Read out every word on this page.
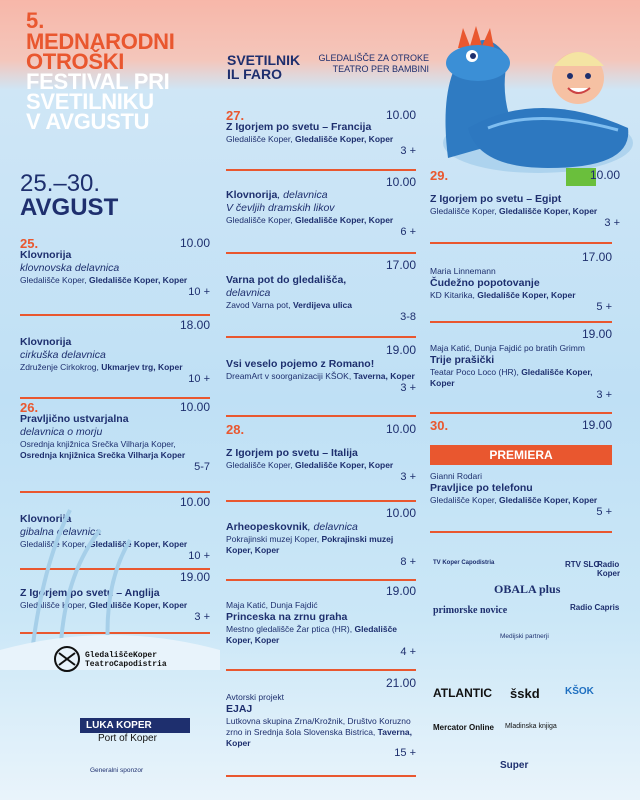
5.
MEDNARODNI
OTROŠKI
FESTIVAL PRI
SVETILNIKU
V AVGUSTU
SVETILNIK
IL FARO
GLEDALIŠČE ZA OTROKE
TEATRO PER BAMBINI
25.–30.
AVGUST
25.	10.00
Klovnorija
klovnovska delavnica
Gledališče Koper, Gledališče Koper, Koper
10 +
18.00
Klovnorija
cirkuška delavnica
Združenje Cirkokrog, Ukmarjev trg, Koper
10 +
26.	10.00
Pravljično ustvarjalna
delavnica o morju
Osrednja knjižnica Srečka Vilharja Koper,
Osrednja knjižnica Srečka Vilharja Koper
5-7
10.00
Klovnorija
gibalna delavnica
Gledališče Koper, Gledališče Koper, Koper
10 +
19.00
Z Igorjem po svetu – Anglija
Gledališče Koper, Gledališče Koper, Koper
3 +
GledališčeKoper
TeatroCapodistria
LUKA KOPER
Port of Koper
Generalni sponzor
27.	10.00
Z Igorjem po svetu – Francija
Gledališče Koper, Gledališče Koper, Koper
3 +
10.00
Klovnorija, delavnica
V čevljih dramskih likov
Gledališče Koper, Gledališče Koper, Koper
6 +
17.00
Varna pot do gledališča,
delavnica
Zavod Varna pot, Verdijeva ulica
3-8
19.00
Vsi veselo pojemo z Romano!
DreamArt v soorganizaciji KŠOK, Taverna, Koper
3 +
28.	10.00
Z Igorjem po svetu – Italija
Gledališče Koper, Gledališče Koper, Koper
3 +
10.00
Arheopeskovnik, delavnica
Pokrajinski muzej Koper, Pokrajinski muzej Koper, Koper
8 +
19.00
Maja Katić, Dunja Fajdić
Princeska na zrnu graha
Mestno gledališče Žar ptica (HR), Gledališče Koper, Koper
4 +
21.00
Avtorski projekt
EJAJ
Lutkovna skupina Zrna/Krožnik, Društvo Koruzno zrno in Srednja šola Slovenska Bistrica, Taverna, Koper
15 +
29.	10.00
Z Igorjem po svetu – Egipt
Gledališče Koper, Gledališče Koper, Koper
3 +
17.00
Maria Linnemann
Čudežno popotovanje
KD Kitarika, Gledališče Koper, Koper
5 +
19.00
Maja Katić, Dunja Fajdić po bratih Grimm
Trije prašički
Teatar Poco Loco (HR), Gledališče Koper, Koper
3 +
30.	19.00
Gianni Rodari
Pravljice po telefonu
Gledališče Koper, Gledališče Koper, Koper
5 +
PREMIERA
TV Koper Capodistria	RTV SLO
Radio Koper
OBALA plus
primorske novice	Radio Capris
Medijski partnerji
ATLANTIC šskd	KŠOK
Mercator Online Mladinska knjiga
Super
